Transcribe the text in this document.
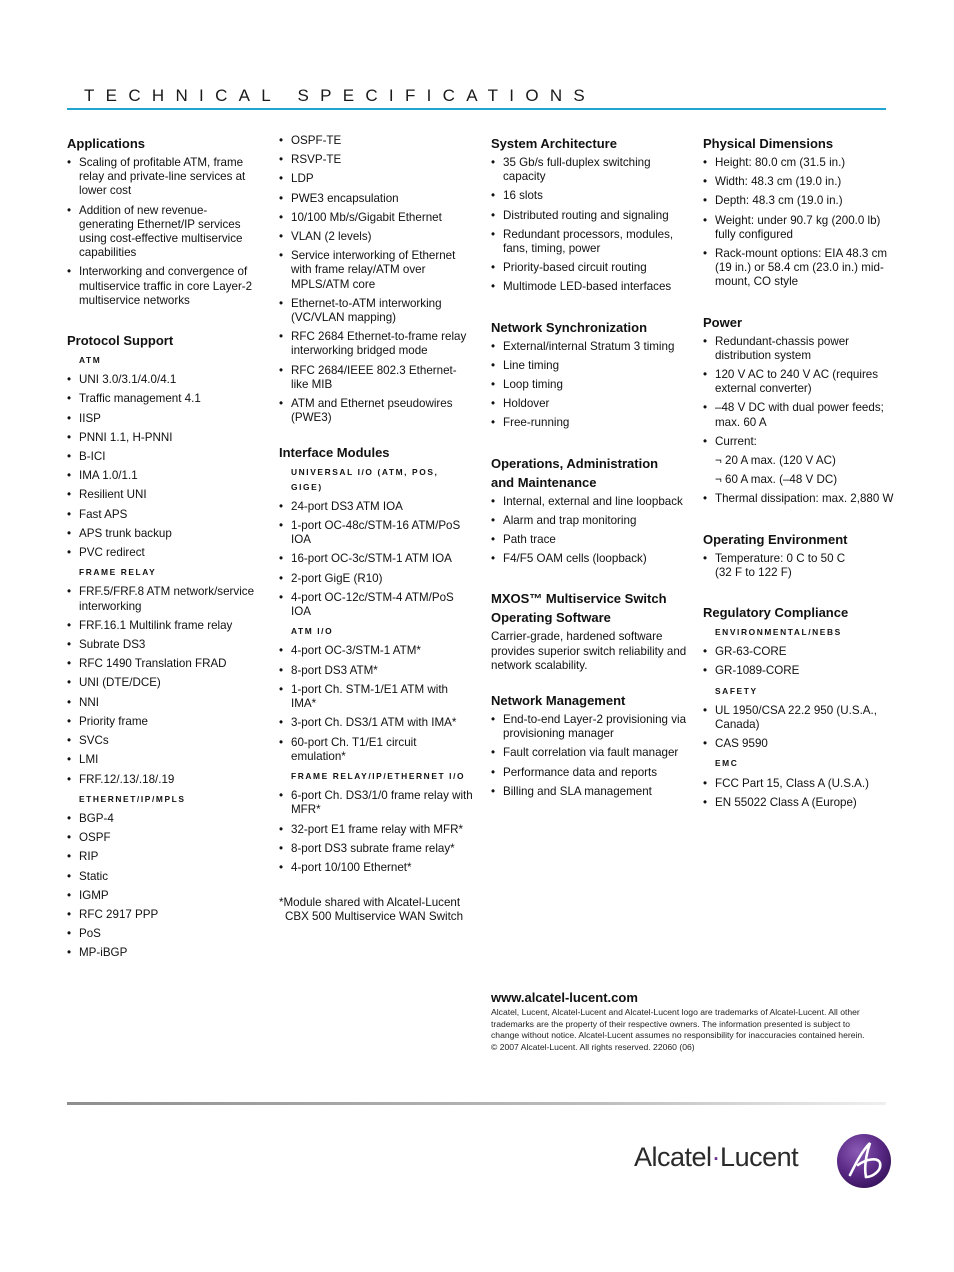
TECHNICAL SPECIFICATIONS
Applications
• Scaling of profitable ATM, frame relay and private-line services at lower cost
• Addition of new revenue-generating Ethernet/IP services using cost-effective multiservice capabilities
• Interworking and convergence of multiservice traffic in core Layer-2 multiservice networks
Protocol Support
ATM
• UNI 3.0/3.1/4.0/4.1
• Traffic management 4.1
• IISP
• PNNI 1.1, H-PNNI
• B-ICI
• IMA 1.0/1.1
• Resilient UNI
• Fast APS
• APS trunk backup
• PVC redirect
FRAME RELAY
• FRF.5/FRF.8 ATM network/service interworking
• FRF.16.1 Multilink frame relay
• Subrate DS3
• RFC 1490 Translation FRAD
• UNI (DTE/DCE)
• NNI
• Priority frame
• SVCs
• LMI
• FRF.12/.13/.18/.19
ETHERNET/IP/MPLS
• BGP-4
• OSPF
• RIP
• Static
• IGMP
• RFC 2917 PPP
• PoS
• MP-iBGP
• OSPF-TE
• RSVP-TE
• LDP
• PWE3 encapsulation
• 10/100 Mb/s/Gigabit Ethernet
• VLAN (2 levels)
• Service interworking of Ethernet with frame relay/ATM over MPLS/ATM core
• Ethernet-to-ATM interworking (VC/VLAN mapping)
• RFC 2684 Ethernet-to-frame relay interworking bridged mode
• RFC 2684/IEEE 802.3 Ethernet-like MIB
• ATM and Ethernet pseudowires (PWE3)
Interface Modules
UNIVERSAL I/O (ATM, POS, GIGE)
• 24-port DS3 ATM IOA
• 1-port OC-48c/STM-16 ATM/PoS IOA
• 16-port OC-3c/STM-1 ATM IOA
• 2-port GigE (R10)
• 4-port OC-12c/STM-4 ATM/PoS IOA
ATM I/O
• 4-port OC-3/STM-1 ATM*
• 8-port DS3 ATM*
• 1-port Ch. STM-1/E1 ATM with IMA*
• 3-port Ch. DS3/1 ATM with IMA*
• 60-port Ch. T1/E1 circuit emulation*
FRAME RELAY/IP/ETHERNET I/O
• 6-port Ch. DS3/1/0 frame relay with MFR*
• 32-port E1 frame relay with MFR*
• 8-port DS3 subrate frame relay*
• 4-port 10/100 Ethernet*
*Module shared with Alcatel-Lucent
CBX 500 Multiservice WAN Switch
System Architecture
• 35 Gb/s full-duplex switching capacity
• 16 slots
• Distributed routing and signaling
• Redundant processors, modules, fans, timing, power
• Priority-based circuit routing
• Multimode LED-based interfaces
Network Synchronization
• External/internal Stratum 3 timing
• Line timing
• Loop timing
• Holdover
• Free-running
Operations, Administration
and Maintenance
• Internal, external and line loopback
• Alarm and trap monitoring
• Path trace
• F4/F5 OAM cells (loopback)
MXOS™ Multiservice Switch
Operating Software

Carrier-grade, hardened software provides superior switch reliability and network scalability.

Network Management
• End-to-end Layer-2 provisioning via provisioning manager
• Fault correlation via fault manager
• Performance data and reports
• Billing and SLA management
Physical Dimensions
• Height: 80.0 cm (31.5 in.)
• Width: 48.3 cm (19.0 in.)
• Depth: 48.3 cm (19.0 in.)
• Weight: under 90.7 kg (200.0 lb) fully configured
• Rack-mount options: EIA 48.3 cm (19 in.) or 58.4 cm (23.0 in.) mid-mount, CO style
Power
• Redundant-chassis power distribution system
• 120 V AC to 240 V AC (requires external converter)
• –48 V DC with dual power feeds; max. 60 A
• Current:
¬ 20 A max. (120 V AC)
¬ 60 A max. (–48 V DC)
• Thermal dissipation: max. 2,880 W
Operating Environment
• Temperature: 0 C to 50 C
(32 F to 122 F)
Regulatory Compliance
ENVIRONMENTAL/NEBS
• GR-63-CORE
• GR-1089-CORE
SAFETY
• UL 1950/CSA 22.2 950 (U.S.A., Canada)
• CAS 9590
EMC
• FCC Part 15, Class A (U.S.A.)
• EN 55022 Class A (Europe)
www.alcatel-lucent.com
Alcatel, Lucent, Alcatel-Lucent and Alcatel-Lucent logo are trademarks of Alcatel-Lucent. All other
trademarks are the property of their respective owners. The information presented is subject to
change without notice. Alcatel-Lucent assumes no responsibility for inaccuracies contained herein.
© 2007 Alcatel-Lucent. All rights reserved. 22060 (06)
Alcatel·Lucent
